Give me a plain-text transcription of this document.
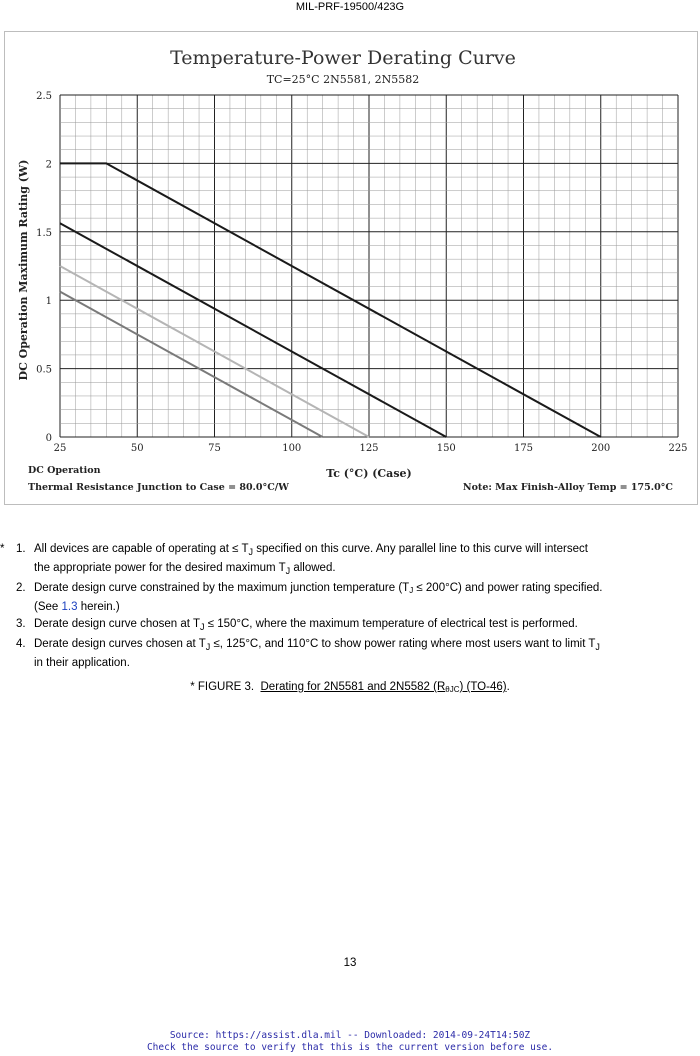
MIL-PRF-19500/423G
Temperature-Power Derating Curve
TC=25°C 2N5581, 2N5582
25	50	75	100	125	150	175	200	225
0
0.5
1
1.5
2
2.5
DC Operation Maximum Rating (W)
Tc (°C) (Case)
DC Operation
Thermal Resistance Junction to Case = 80.0°C/W	Note: Max Finish-Alloy Temp = 175.0°C
* 1. All devices are capable of operating at ≤ $T_J$ specified on this curve. Any parallel line to this curve will intersect
the appropriate power for the desired maximum $T_J$ allowed.
2. Derate design curve constrained by the maximum junction temperature (TJ ≤ 200°C) and power rating specified.
(See 1.3 herein.)
3. Derate design curve chosen at $T_J \le 150^\circ C$, where the maximum temperature of electrical test is performed.
4. Derate design curves chosen at $T_J$ ≤, 125°C, and 110°C to show power rating where most users want to limit $T_J$
in their application.
* FIGURE 3. Derating for 2N5581 and 2N5582 (RθJC) (TO-46).
13
Source: https://assist.dla.mil -- Downloaded: 2014-09-24T14:50Z
Check the source to verify that this is the current version before use.
